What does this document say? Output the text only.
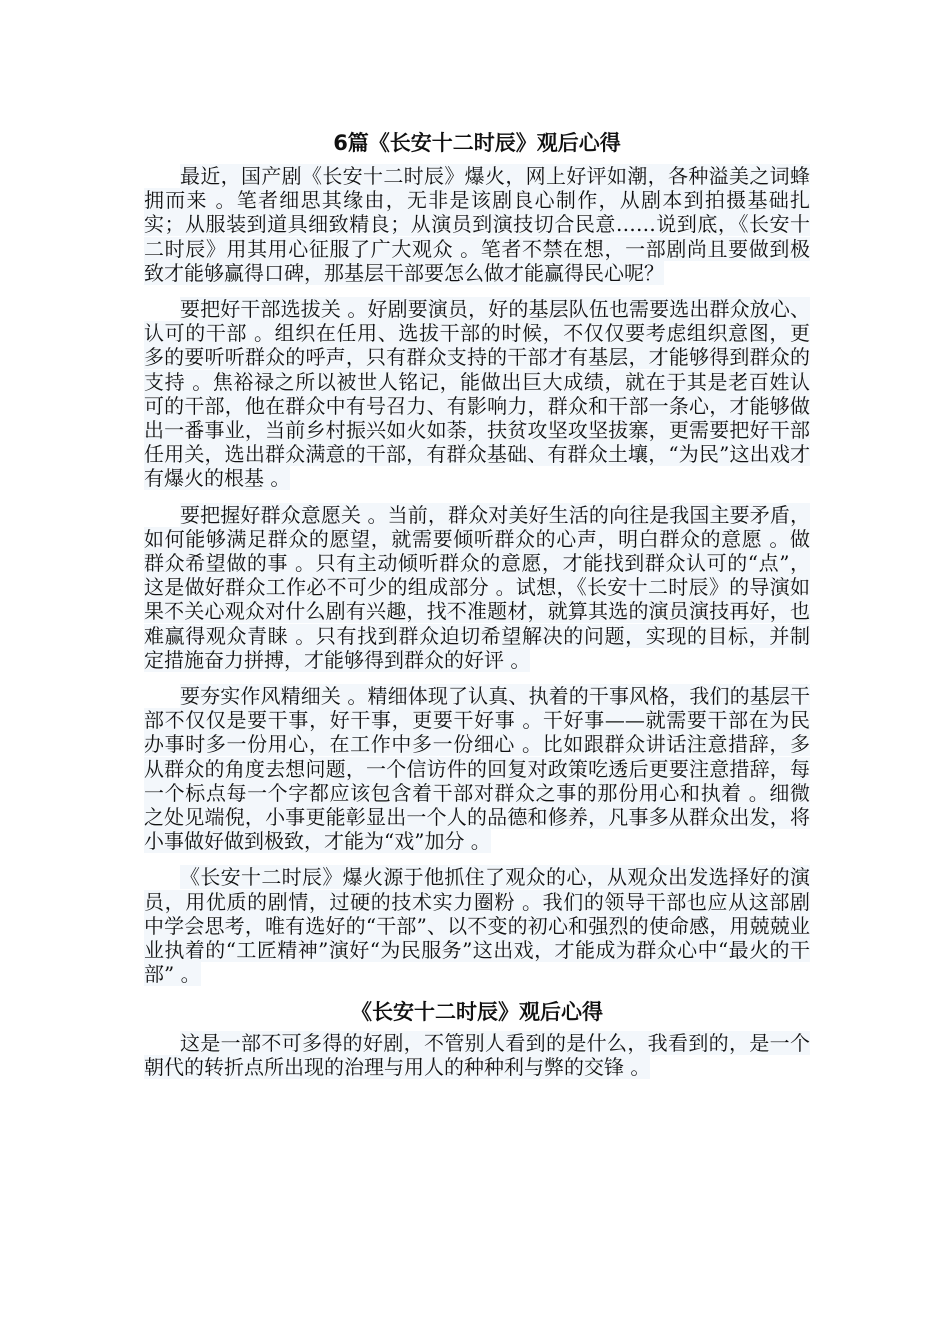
6篇《长安十二时辰》观后心得

最近，国产剧《长安十二时辰》爆火，网上好评如潮，各种溢美之词蜂拥而来 。笔者细思其缘由，无非是该剧良心制作，从剧本到拍摄基础扎实；从服装到道具细致精良；从演员到演技切合民意……说到底，《长安十二时辰》用其用心征服了广大观众 。笔者不禁在想，一部剧尚且要做到极致才能够赢得口碑，那基层干部要怎么做才能赢得民心呢？

要把好干部选拔关 。好剧要演员，好的基层队伍也需要选出群众放心、认可的干部 。组织在任用、选拔干部的时候，不仅仅要考虑组织意图，更多的要听听群众的呼声，只有群众支持的干部才有基层，才能够得到群众的支持 。焦裕禄之所以被世人铭记，能做出巨大成绩，就在于其是老百姓认可的干部，他在群众中有号召力、有影响力，群众和干部一条心，才能够做出一番事业，当前乡村振兴如火如荼，扶贫攻坚攻坚拔寨，更需要把好干部任用关，选出群众满意的干部，有群众基础、有群众土壤，“为民”这出戏才有爆火的根基 。

要把握好群众意愿关 。当前，群众对美好生活的向往是我国主要矛盾，如何能够满足群众的愿望，就需要倾听群众的心声，明白群众的意愿 。做群众希望做的事 。只有主动倾听群众的意愿，才能找到群众认可的“点”，这是做好群众工作必不可少的组成部分 。试想，《长安十二时辰》的导演如果不关心观众对什么剧有兴趣，找不准题材，就算其选的演员演技再好，也难赢得观众青睐 。只有找到群众迫切希望解决的问题，实现的目标，并制定措施奋力拼搏，才能够得到群众的好评 。

要夯实作风精细关 。精细体现了认真、执着的干事风格，我们的基层干部不仅仅是要干事，好干事，更要干好事 。干好事——就需要干部在为民办事时多一份用心，在工作中多一份细心 。比如跟群众讲话注意措辞，多从群众的角度去想问题，一个信访件的回复对政策吃透后更要注意措辞，每一个标点每一个字都应该包含着干部对群众之事的那份用心和执着 。细微之处见端倪，小事更能彰显出一个人的品德和修养，凡事多从群众出发，将小事做好做到极致，才能为“戏”加分 。

《长安十二时辰》爆火源于他抓住了观众的心，从观众出发选择好的演员，用优质的剧情，过硬的技术实力圈粉 。我们的领导干部也应从这部剧中学会思考，唯有选好的“干部”、以不变的初心和强烈的使命感，用兢兢业业执着的“工匠精神”演好“为民服务”这出戏，才能成为群众心中“最火的干部” 。

《长安十二时辰》观后心得

这是一部不可多得的好剧，不管别人看到的是什么，我看到的，是一个朝代的转折点所出现的治理与用人的种种利与弊的交锋 。
